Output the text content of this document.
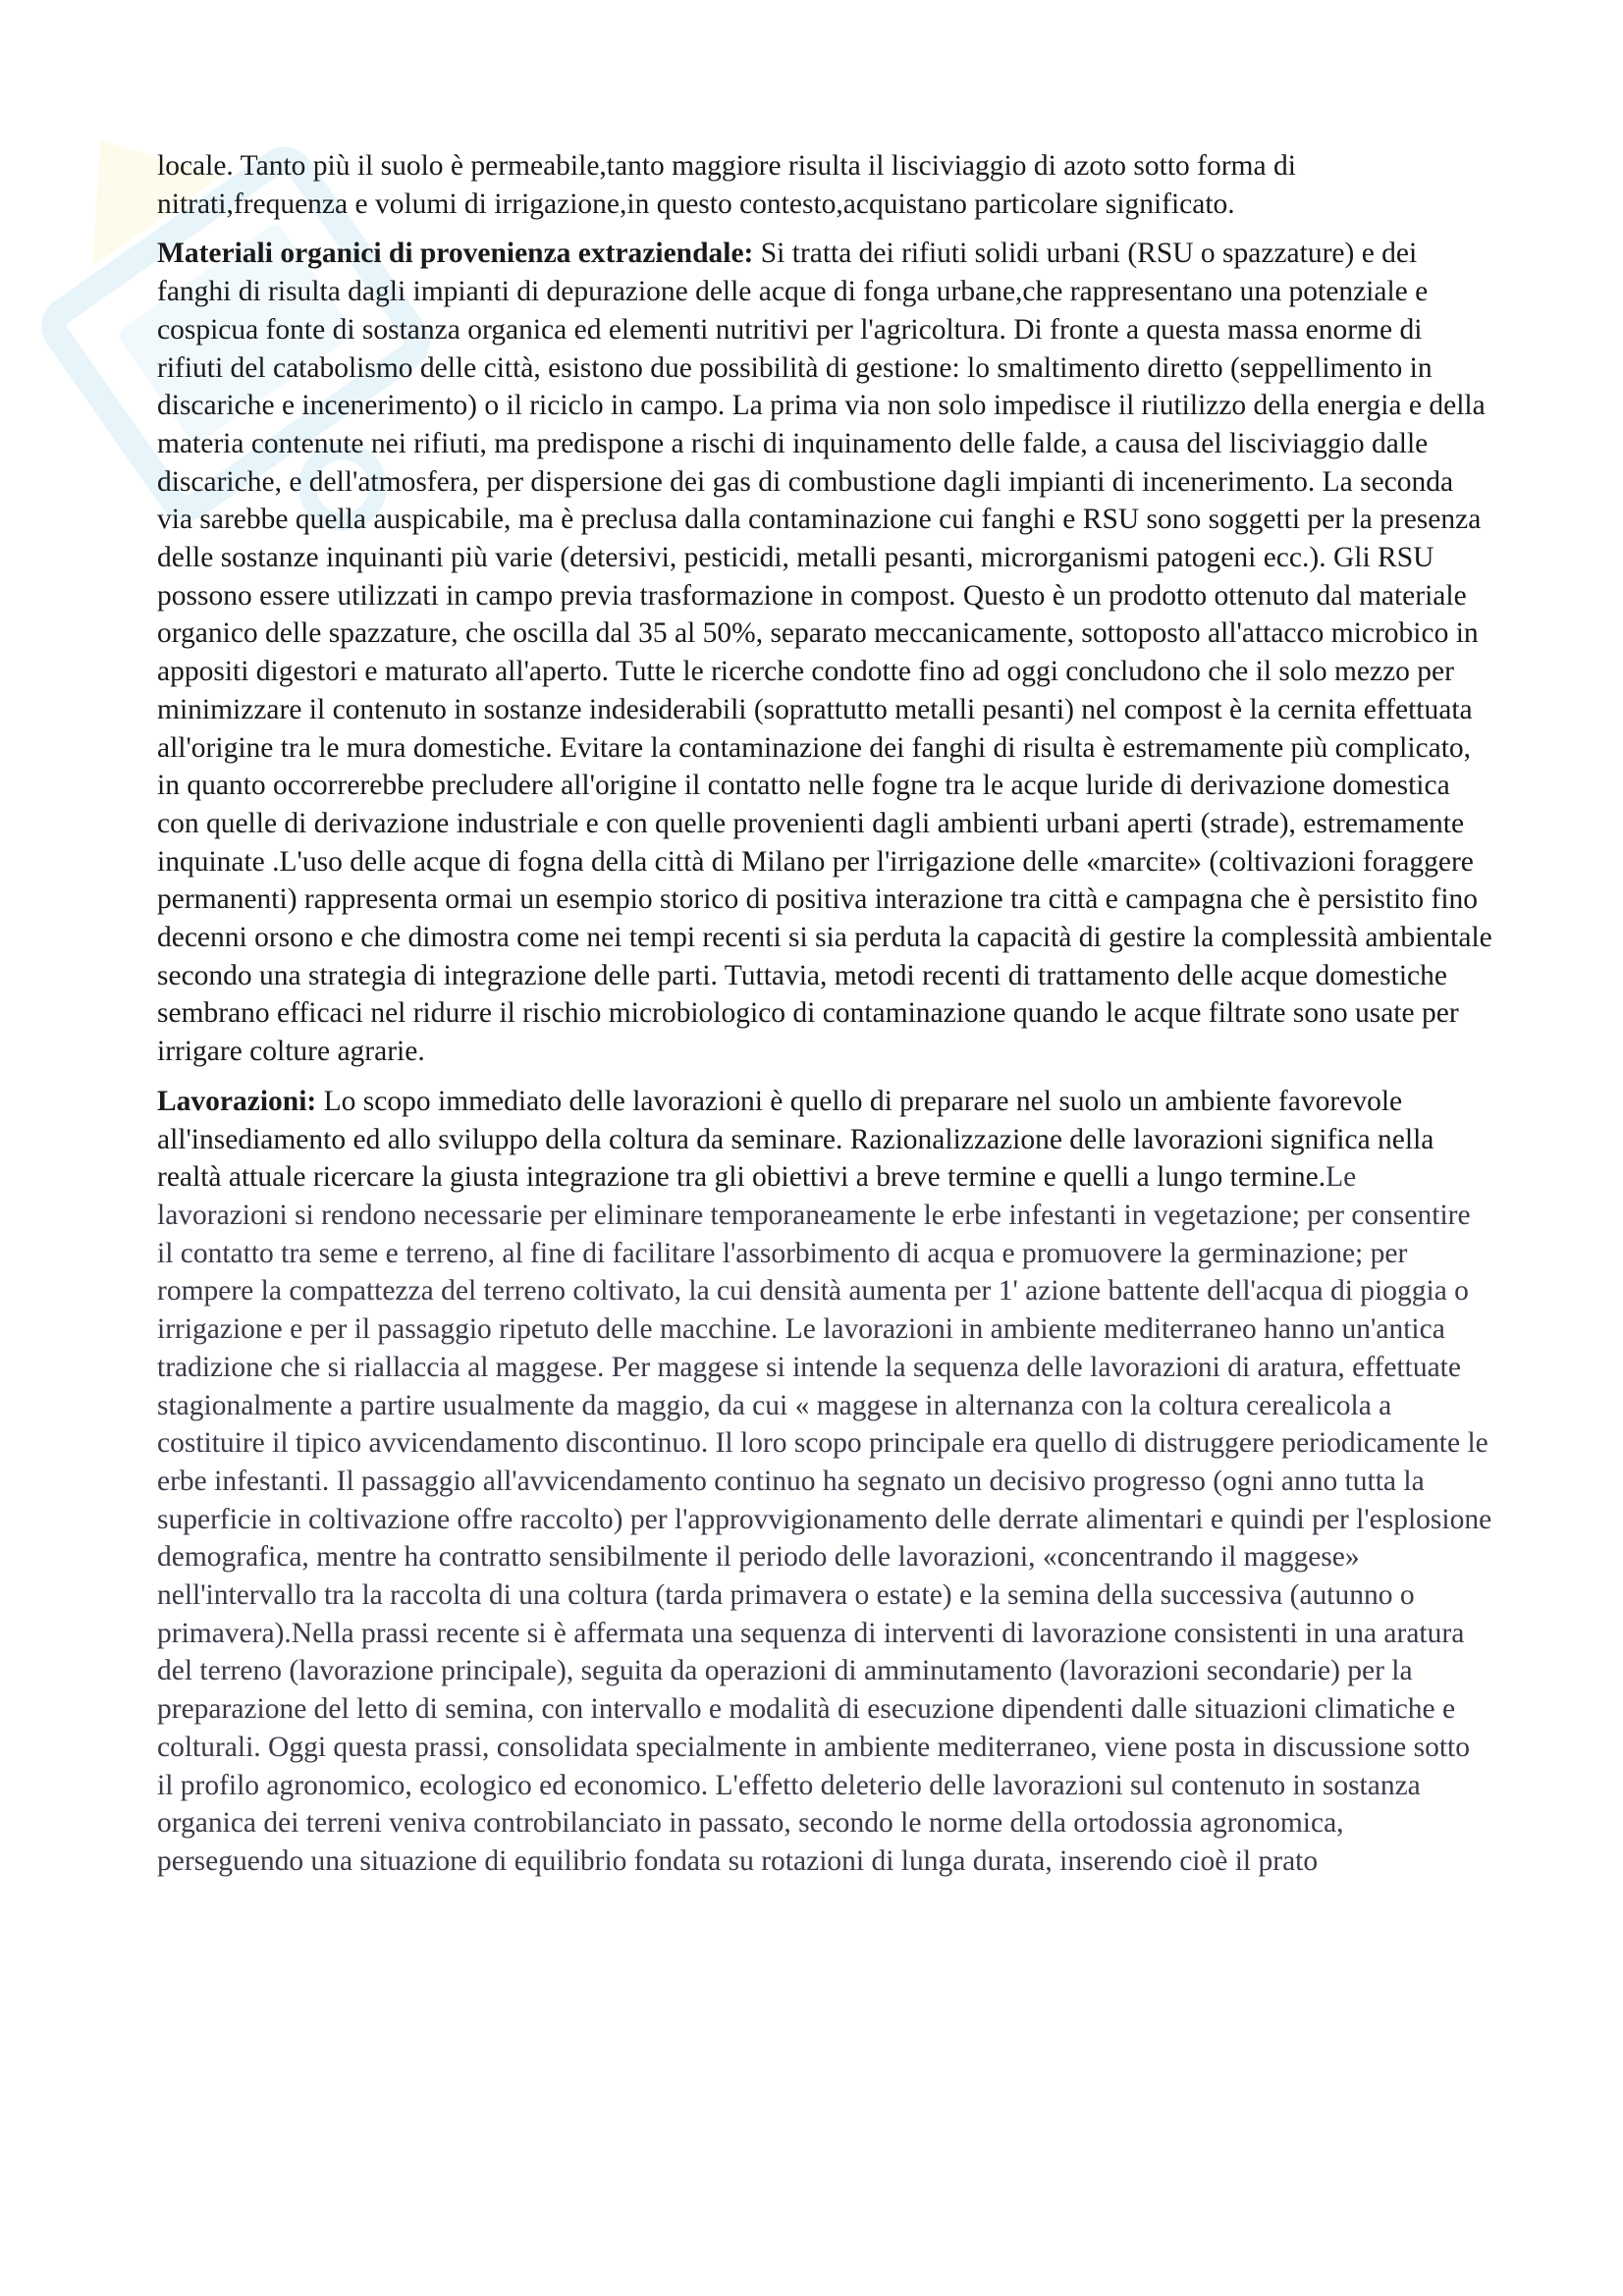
locale. Tanto più il suolo è permeabile,tanto maggiore risulta il lisciviaggio di azoto sotto forma di nitrati,frequenza e volumi di irrigazione,in questo contesto,acquistano particolare significato.

Materiali organici di provenienza extraziendale: Si tratta dei rifiuti solidi urbani (RSU o spazzature) e dei fanghi di risulta dagli impianti di depurazione delle acque di fonga urbane,che rappresentano una potenziale e cospicua fonte di sostanza organica ed elementi nutritivi per l'agricoltura. Di fronte a questa massa enorme di rifiuti del catabolismo delle città, esistono due possibilità di gestione: lo smaltimento diretto (seppellimento in discariche e incenerimento) o il riciclo in campo. La prima via non solo impedisce il riutilizzo della energia e della materia contenute nei rifiuti, ma predispone a rischi di inquinamento delle falde, a causa del lisciviaggio dalle discariche, e dell'atmosfera, per dispersione dei gas di combustione dagli impianti di incenerimento. La seconda via sarebbe quella auspicabile, ma è preclusa dalla contaminazione cui fanghi e RSU sono soggetti per la presenza delle sostanze inquinanti più varie (detersivi, pesticidi, metalli pesanti, microrganismi patogeni ecc.). Gli RSU possono essere utilizzati in campo previa trasformazione in compost. Questo è un prodotto ottenuto dal materiale organico delle spazzature, che oscilla dal 35 al 50%, separato meccanicamente, sottoposto all'attacco microbico in appositi digestori e maturato all'aperto. Tutte le ricerche condotte fino ad oggi concludono che il solo mezzo per minimizzare il contenuto in sostanze indesiderabili (soprattutto metalli pesanti) nel compost è la cernita effettuata all'origine tra le mura domestiche. Evitare la contaminazione dei fanghi di risulta è estremamente più complicato, in quanto occorrerebbe precludere all'origine il contatto nelle fogne tra le acque luride di derivazione domestica con quelle di derivazione industriale e con quelle provenienti dagli ambienti urbani aperti (strade), estremamente inquinate .L'uso delle acque di fogna della città di Milano per l'irrigazione delle «marcite» (coltivazioni foraggere permanenti) rappresenta ormai un esempio storico di positiva interazione tra città e campagna che è persistito fino decenni orsono e che dimostra come nei tempi recenti si sia perduta la capacità di gestire la complessità ambientale secondo una strategia di integrazione delle parti. Tuttavia, metodi recenti di trattamento delle acque domestiche sembrano efficaci nel ridurre il rischio microbiologico di contaminazione quando le acque filtrate sono usate per irrigare colture agrarie.

Lavorazioni: Lo scopo immediato delle lavorazioni è quello di preparare nel suolo un ambiente favorevole all'insediamento ed allo sviluppo della coltura da seminare. Razionalizzazione delle lavorazioni significa nella realtà attuale ricercare la giusta integrazione tra gli obiettivi a breve termine e quelli a lungo termine.Le lavorazioni si rendono necessarie per eliminare temporaneamente le erbe infestanti in vegetazione; per consentire il contatto tra seme e terreno, al fine di facilitare l'assorbimento di acqua e promuovere la germinazione; per rompere la compattezza del terreno coltivato, la cui densità aumenta per 1' azione battente dell'acqua di pioggia o irrigazione e per il passaggio ripetuto delle macchine. Le lavorazioni in ambiente mediterraneo hanno un'antica tradizione che si riallaccia al maggese. Per maggese si intende la sequenza delle lavorazioni di aratura, effettuate stagionalmente a partire usualmente da maggio, da cui « maggese in alternanza con la coltura cerealicola a costituire il tipico avvicendamento discontinuo. Il loro scopo principale era quello di distruggere periodicamente le erbe infestanti. Il passaggio all'avvicendamento continuo ha segnato un decisivo progresso (ogni anno tutta la superficie in coltivazione offre raccolto) per l'approvvigionamento delle derrate alimentari e quindi per l'esplosione demografica, mentre ha contratto sensibilmente il periodo delle lavorazioni, «concentrando il maggese» nell'intervallo tra la raccolta di una coltura (tarda primavera o estate) e la semina della successiva (autunno o primavera).Nella prassi recente si è affermata una sequenza di interventi di lavorazione consistenti in una aratura del terreno (lavorazione principale), seguita da operazioni di amminutamento (lavorazioni secondarie) per la preparazione del letto di semina, con intervallo e modalità di esecuzione dipendenti dalle situazioni climatiche e colturali. Oggi questa prassi, consolidata specialmente in ambiente mediterraneo, viene posta in discussione sotto il profilo agronomico, ecologico ed economico. L'effetto deleterio delle lavorazioni sul contenuto in sostanza organica dei terreni veniva controbilanciato in passato, secondo le norme della ortodossia agronomica, perseguendo una situazione di equilibrio fondata su rotazioni di lunga durata, inserendo cioè il prato
